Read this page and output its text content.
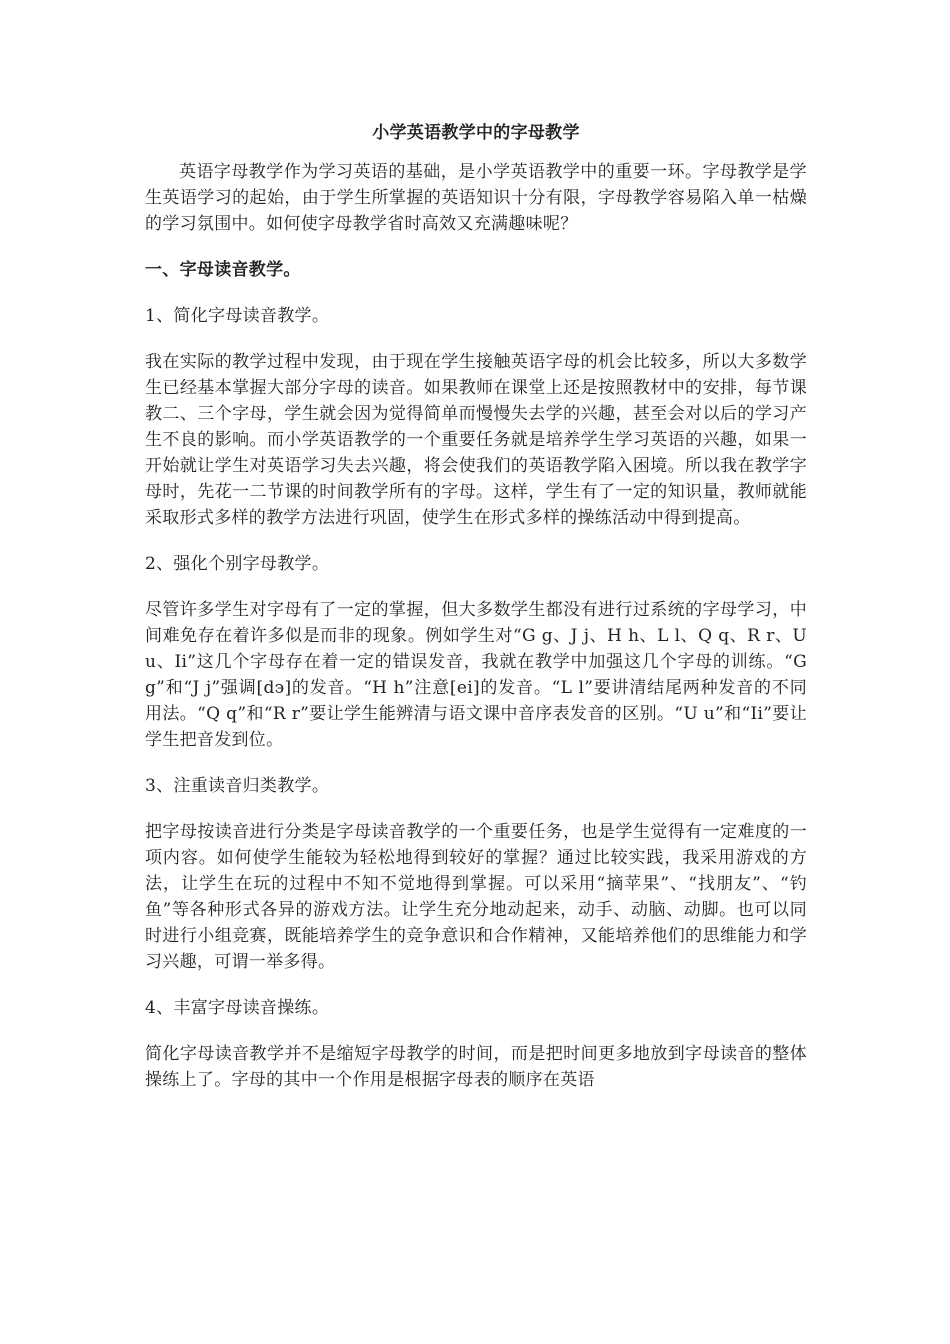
小学英语教学中的字母教学

英语字母教学作为学习英语的基础，是小学英语教学中的重要一环。字母教学是学生英语学习的起始，由于学生所掌握的英语知识十分有限，字母教学容易陷入单一枯燥的学习氛围中。如何使字母教学省时高效又充满趣味呢？

一、字母读音教学。
1、简化字母读音教学。

我在实际的教学过程中发现，由于现在学生接触英语字母的机会比较多，所以大多数学生已经基本掌握大部分字母的读音。如果教师在课堂上还是按照教材中的安排，每节课教二、三个字母，学生就会因为觉得简单而慢慢失去学的兴趣，甚至会对以后的学习产生不良的影响。而小学英语教学的一个重要任务就是培养学生学习英语的兴趣，如果一开始就让学生对英语学习失去兴趣，将会使我们的英语教学陷入困境。所以我在教学字母时，先花一二节课的时间教学所有的字母。这样，学生有了一定的知识量，教师就能采取形式多样的教学方法进行巩固，使学生在形式多样的操练活动中得到提高。

2、强化个别字母教学。

尽管许多学生对字母有了一定的掌握，但大多数学生都没有进行过系统的字母学习，中间难免存在着许多似是而非的现象。例如学生对“G g、J j、H h、L l、Q q、R r、U u、Ii”这几个字母存在着一定的错误发音，我就在教学中加强这几个字母的训练。“G g”和“J j”强调[dэ]的发音。“H h”注意[ei]的发音。“L l”要讲清结尾两种发音的不同用法。“Q q”和“R r”要让学生能辨清与语文课中音序表发音的区别。“U u”和“Ii”要让学生把音发到位。

3、注重读音归类教学。

把字母按读音进行分类是字母读音教学的一个重要任务，也是学生觉得有一定难度的一项内容。如何使学生能较为轻松地得到较好的掌握？通过比较实践，我采用游戏的方法，让学生在玩的过程中不知不觉地得到掌握。可以采用“摘苹果”、“找朋友”、“钓鱼”等各种形式各异的游戏方法。让学生充分地动起来，动手、动脑、动脚。也可以同时进行小组竞赛，既能培养学生的竞争意识和合作精神，又能培养他们的思维能力和学习兴趣，可谓一举多得。

4、丰富字母读音操练。

简化字母读音教学并不是缩短字母教学的时间，而是把时间更多地放到字母读音的整体操练上了。字母的其中一个作用是根据字母表的顺序在英语
